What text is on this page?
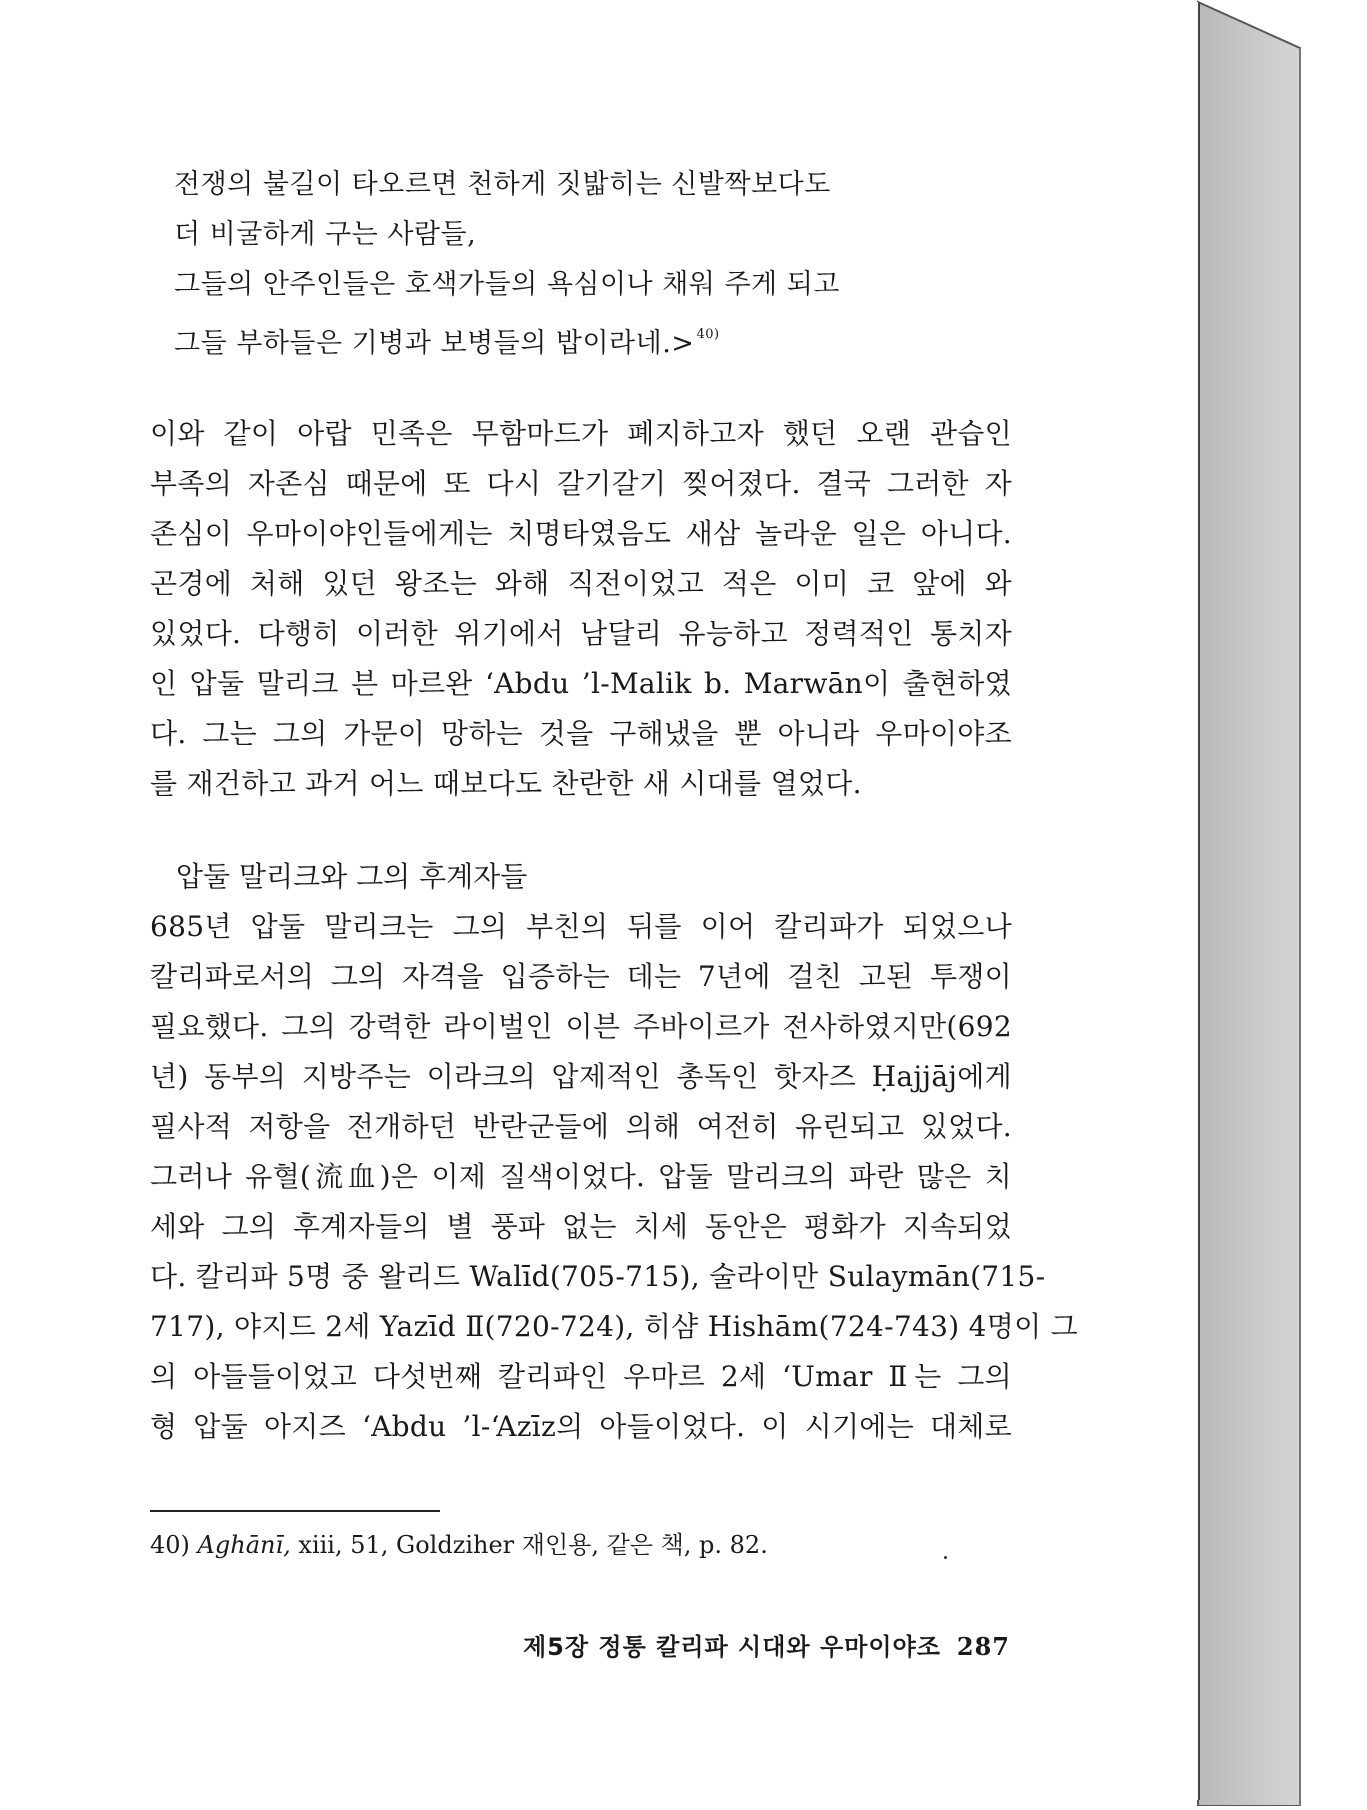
전쟁의 불길이 타오르면 천하게 짓밟히는 신발짝보다도
더 비굴하게 구는 사람들,
그들의 안주인들은 호색가들의 욕심이나 채워 주게 되고
그들 부하들은 기병과 보병들의 밥이라네.> $^{40)}$
이와 같이 아랍 민족은 무함마드가 폐지하고자 했던 오랜 관습인
부족의 자존심 때문에 또 다시 갈기갈기 찢어졌다. 결국 그러한 자
존심이 우마이야인들에게는 치명타였음도 새삼 놀라운 일은 아니다.
곤경에 처해 있던 왕조는 와해 직전이었고 적은 이미 코 앞에 와
있었다. 다행히 이러한 위기에서 남달리 유능하고 정력적인 통치자
인 압둘 말리크 븐 마르완 ‘Abdu ’l-Malik b. Marwān이 출현하였
다. 그는 그의 가문이 망하는 것을 구해냈을 뿐 아니라 우마이야조
를 재건하고 과거 어느 때보다도 찬란한 새 시대를 열었다.
압둘 말리크와 그의 후계자들
685년 압둘 말리크는 그의 부친의 뒤를 이어 칼리파가 되었으나
칼리파로서의 그의 자격을 입증하는 데는 7년에 걸친 고된 투쟁이
필요했다. 그의 강력한 라이벌인 이븐 주바이르가 전사하였지만(692
년) 동부의 지방주는 이라크의 압제적인 총독인 핫자즈 Ḥajjāj에게
필사적 저항을 전개하던 반란군들에 의해 여전히 유린되고 있었다.
그러나 유혈(流血)은 이제 질색이었다. 압둘 말리크의 파란 많은 치
세와 그의 후계자들의 별 풍파 없는 치세 동안은 평화가 지속되었
다. 칼리파 5명 중 왈리드 Walīd(705-715), 술라이만 Sulaymān(715-
717), 야지드 2세 Yazīd Ⅱ(720-724), 히샴 Hishām(724-743) 4명이 그
의 아들들이었고 다섯번째 칼리파인 우마르 2세 ‘Umar Ⅱ는 그의
형 압둘 아지즈 ‘Abdu ’l-‘Azīz의 아들이었다. 이 시기에는 대체로
40) Aghānī, xiii, 51, Goldziher 재인용, 같은 책, p. 82.
제5장 정통 칼리파 시대와 우마이야조 287
